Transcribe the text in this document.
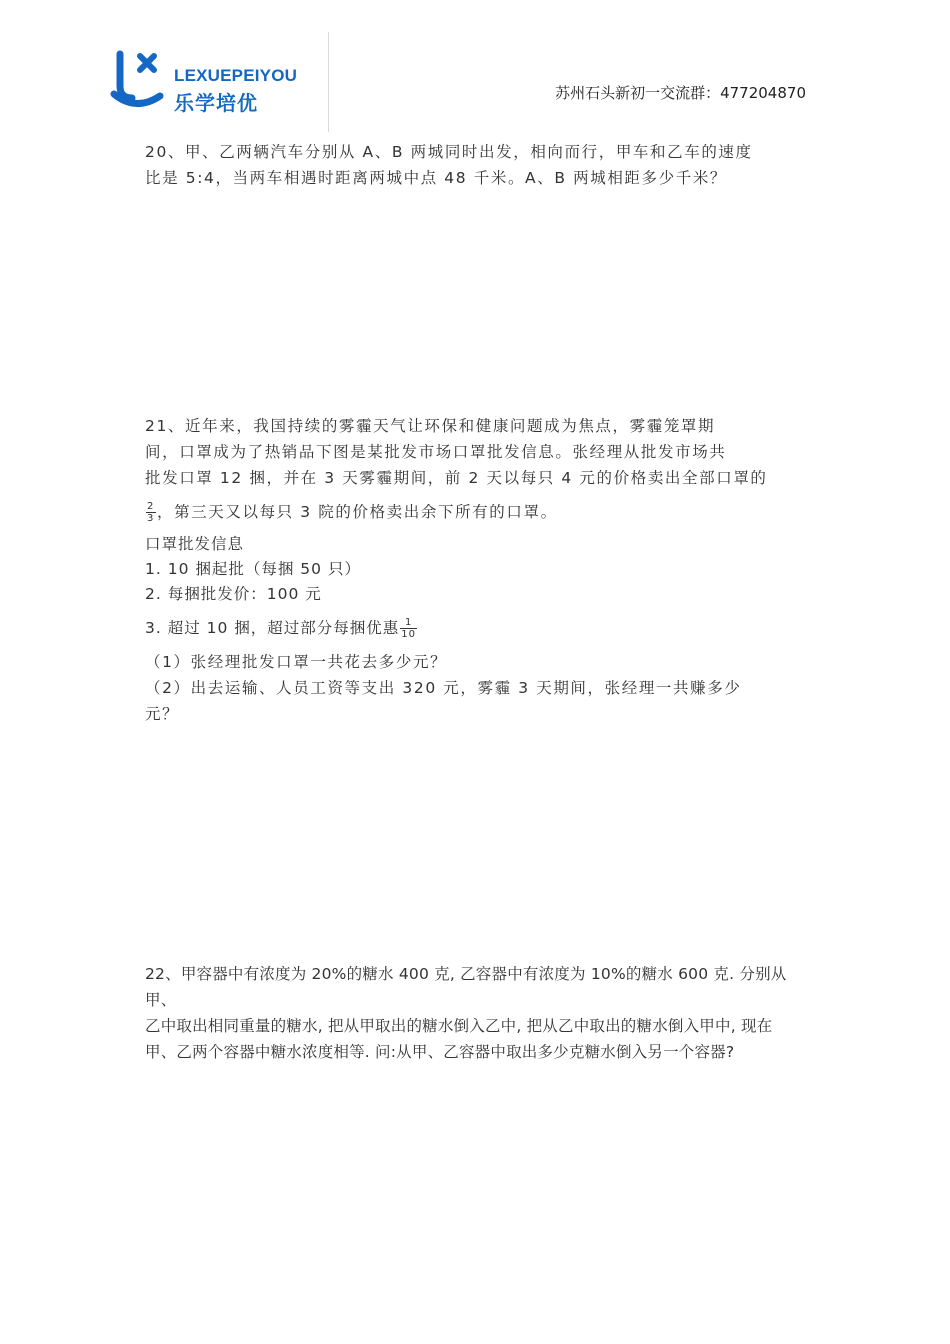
LEXUEPEIYOU
乐学培优	苏州石头新初一交流群：477204870

20、甲、乙两辆汽车分别从 A、B 两城同时出发，相向而行，甲车和乙车的速度

比是 5:4，当两车相遇时距离两城中点 48 千米。A、B 两城相距多少千米？

21、近年来，我国持续的雾霾天气让环保和健康问题成为焦点，雾霾笼罩期

间，口罩成为了热销品下图是某批发市场口罩批发信息。张经理从批发市场共

批发口罩 12 捆，并在 3 天雾霾期间，前 2 天以每只 4 元的价格卖出全部口罩的

$\frac{2}{3}$ ，第三天又以每只 3 院的价格卖出余下所有的口罩。

口罩批发信息

1. 10 捆起批（每捆 50 只）

2. 每捆批发价：100 元

3. 超过 10 捆，超过部分每捆优惠 $\frac{1}{10}$

（1）张经理批发口罩一共花去多少元？

（2）出去运输、人员工资等支出 320 元，雾霾 3 天期间，张经理一共赚多少

元？

22、甲容器中有浓度为 20%的糖水 400 克, 乙容器中有浓度为 10%的糖水 600 克. 分别从甲、

乙中取出相同重量的糖水, 把从甲取出的糖水倒入乙中, 把从乙中取出的糖水倒入甲中, 现在

甲、乙两个容器中糖水浓度相等. 问:从甲、乙容器中取出多少克糖水倒入另一个容器?
